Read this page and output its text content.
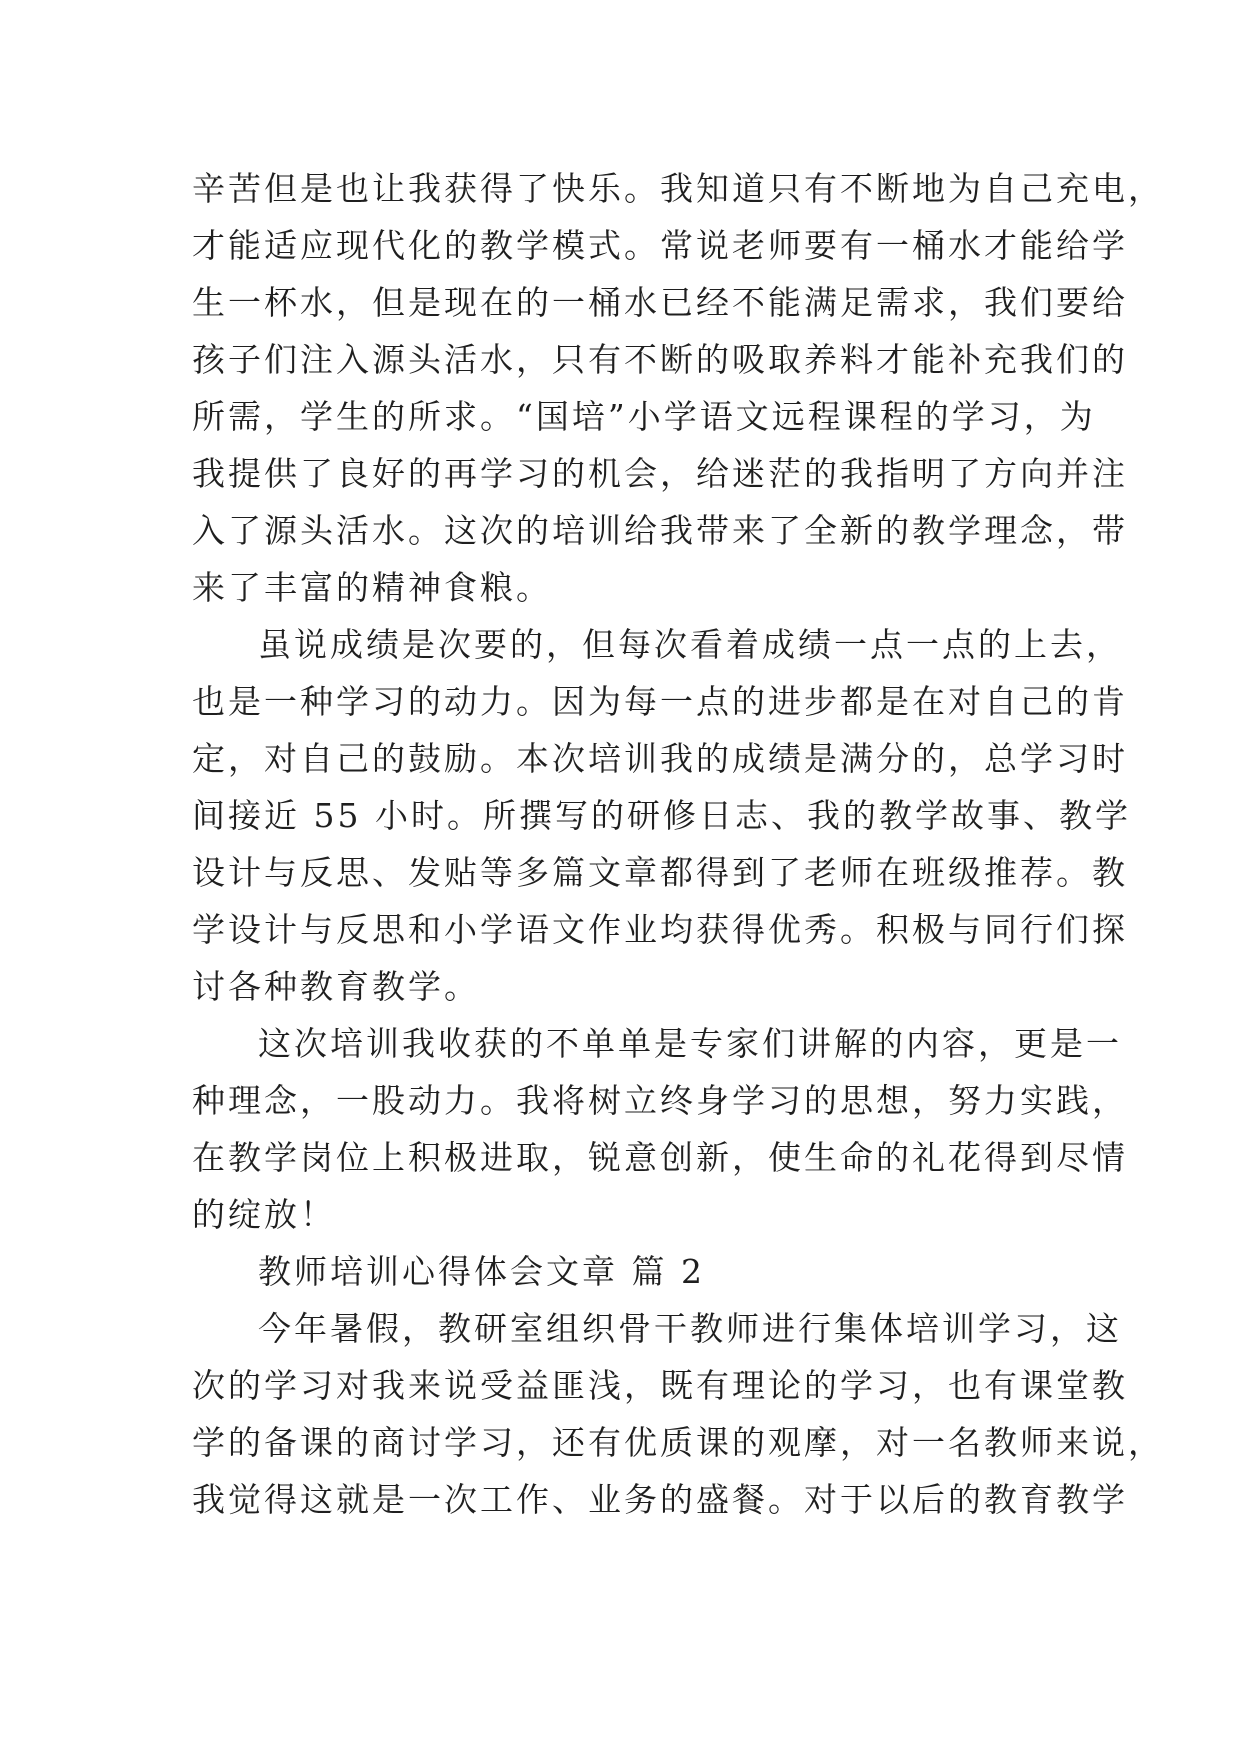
辛苦但是也让我获得了快乐。我知道只有不断地为自己充电，
才能适应现代化的教学模式。常说老师要有一桶水才能给学
生一杯水，但是现在的一桶水已经不能满足需求，我们要给
孩子们注入源头活水，只有不断的吸取养料才能补充我们的
所需，学生的所求。“国培”小学语文远程课程的学习，为
我提供了良好的再学习的机会，给迷茫的我指明了方向并注
入了源头活水。这次的培训给我带来了全新的教学理念，带
来了丰富的精神食粮。
虽说成绩是次要的，但每次看着成绩一点一点的上去，
也是一种学习的动力。因为每一点的进步都是在对自己的肯
定，对自己的鼓励。本次培训我的成绩是满分的，总学习时
间接近 55 小时。所撰写的研修日志、我的教学故事、教学
设计与反思、发贴等多篇文章都得到了老师在班级推荐。教
学设计与反思和小学语文作业均获得优秀。积极与同行们探
讨各种教育教学。
这次培训我收获的不单单是专家们讲解的内容，更是一
种理念，一股动力。我将树立终身学习的思想，努力实践，
在教学岗位上积极进取，锐意创新，使生命的礼花得到尽情
的绽放！
教师培训心得体会文章 篇 2
今年暑假，教研室组织骨干教师进行集体培训学习，这
次的学习对我来说受益匪浅，既有理论的学习，也有课堂教
学的备课的商讨学习，还有优质课的观摩，对一名教师来说，
我觉得这就是一次工作、业务的盛餐。对于以后的教育教学
